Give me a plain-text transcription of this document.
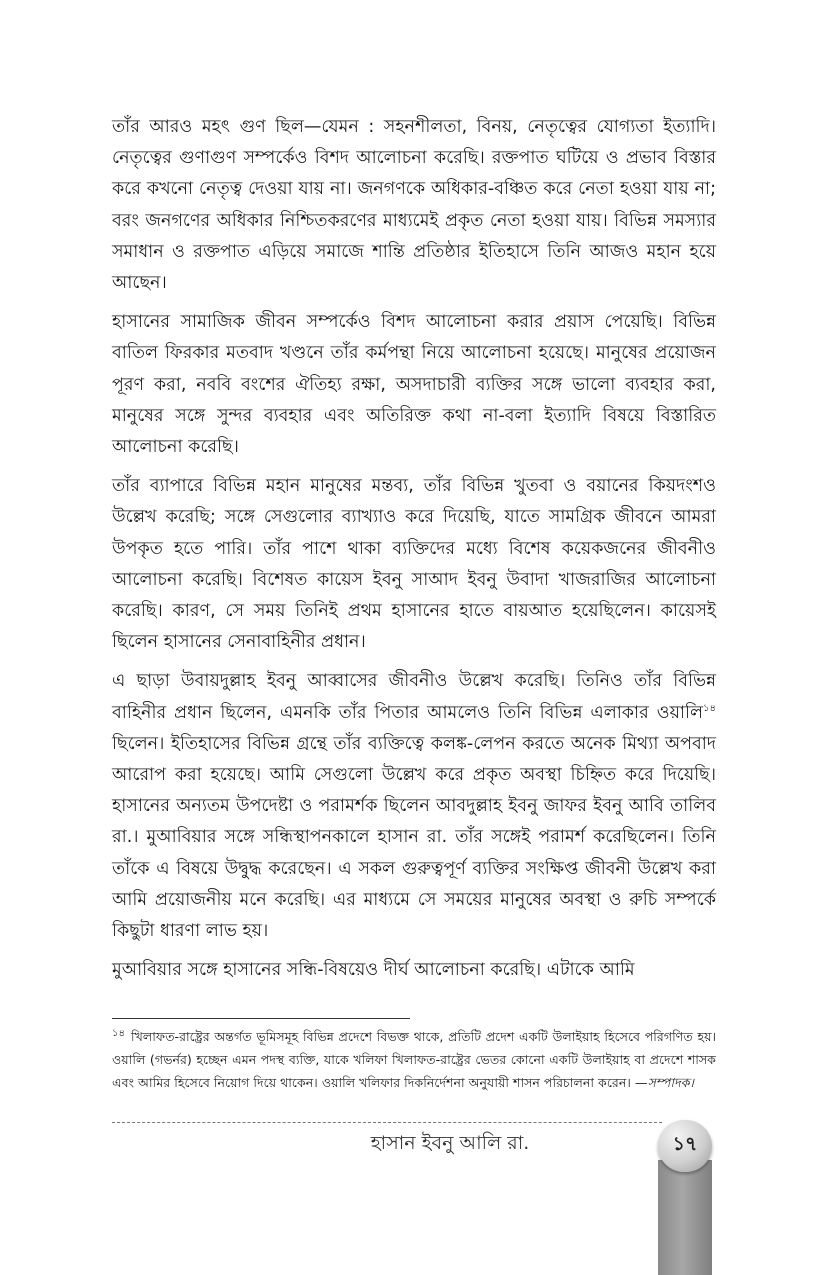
তাঁর আরও মহৎ গুণ ছিল—যেমন : সহনশীলতা, বিনয়, নেতৃত্বের যোগ্যতা ইত্যাদি। নেতৃত্বের গুণাগুণ সম্পর্কেও বিশদ আলোচনা করেছি। রক্তপাত ঘটিয়ে ও প্রভাব বিস্তার করে কখনো নেতৃত্ব দেওয়া যায় না। জনগণকে অধিকার-বঞ্চিত করে নেতা হওয়া যায় না; বরং জনগণের অধিকার নিশ্চিতকরণের মাধ্যমেই প্রকৃত নেতা হওয়া যায়। বিভিন্ন সমস্যার সমাধান ও রক্তপাত এড়িয়ে সমাজে শান্তি প্রতিষ্ঠার ইতিহাসে তিনি আজও মহান হয়ে আছেন।

হাসানের সামাজিক জীবন সম্পর্কেও বিশদ আলোচনা করার প্রয়াস পেয়েছি। বিভিন্ন বাতিল ফিরকার মতবাদ খণ্ডনে তাঁর কর্মপন্থা নিয়ে আলোচনা হয়েছে। মানুষের প্রয়োজন পূরণ করা, নববি বংশের ঐতিহ্য রক্ষা, অসদাচারী ব্যক্তির সঙ্গে ভালো ব্যবহার করা, মানুষের সঙ্গে সুন্দর ব্যবহার এবং অতিরিক্ত কথা না-বলা ইত্যাদি বিষয়ে বিস্তারিত আলোচনা করেছি।

তাঁর ব্যাপারে বিভিন্ন মহান মানুষের মন্তব্য, তাঁর বিভিন্ন খুতবা ও বয়ানের কিয়দংশও উল্লেখ করেছি; সঙ্গে সেগুলোর ব্যাখ্যাও করে দিয়েছি, যাতে সামগ্রিক জীবনে আমরা উপকৃত হতে পারি। তাঁর পাশে থাকা ব্যক্তিদের মধ্যে বিশেষ কয়েকজনের জীবনীও আলোচনা করেছি। বিশেষত কায়েস ইবনু সাআদ ইবনু উবাদা খাজরাজির আলোচনা করেছি। কারণ, সে সময় তিনিই প্রথম হাসানের হাতে বায়আত হয়েছিলেন। কায়েসই ছিলেন হাসানের সেনাবাহিনীর প্রধান।

এ ছাড়া উবায়দুল্লাহ ইবনু আব্বাসের জীবনীও উল্লেখ করেছি। তিনিও তাঁর বিভিন্ন বাহিনীর প্রধান ছিলেন, এমনকি তাঁর পিতার আমলেও তিনি বিভিন্ন এলাকার ওয়ালি$^{১৪}$ ছিলেন। ইতিহাসের বিভিন্ন গ্রন্থে তাঁর ব্যক্তিত্বে কলঙ্ক-লেপন করতে অনেক মিথ্যা অপবাদ আরোপ করা হয়েছে। আমি সেগুলো উল্লেখ করে প্রকৃত অবস্থা চিহ্নিত করে দিয়েছি। হাসানের অন্যতম উপদেষ্টা ও পরামর্শক ছিলেন আবদুল্লাহ ইবনু জাফর ইবনু আবি তালিব রা.। মুআবিয়ার সঙ্গে সন্ধিস্থাপনকালে হাসান রা. তাঁর সঙ্গেই পরামর্শ করেছিলেন। তিনি তাঁকে এ বিষয়ে উদ্বুদ্ধ করেছেন। এ সকল গুরুত্বপূর্ণ ব্যক্তির সংক্ষিপ্ত জীবনী উল্লেখ করা আমি প্রয়োজনীয় মনে করেছি। এর মাধ্যমে সে সময়ের মানুষের অবস্থা ও রুচি সম্পর্কে কিছুটা ধারণা লাভ হয়।

মুআবিয়ার সঙ্গে হাসানের সন্ধি-বিষয়েও দীর্ঘ আলোচনা করেছি। এটাকে আমি

$^{১৪}$ খিলাফত-রাষ্ট্রের অন্তর্গত ভূমিসমূহ বিভিন্ন প্রদেশে বিভক্ত থাকে, প্রতিটি প্রদেশ একটি উলাইয়াহ হিসেবে পরিগণিত হয়। ওয়ালি (গভর্নর) হচ্ছেন এমন পদস্থ ব্যক্তি, যাকে খলিফা খিলাফত-রাষ্ট্রের ভেতর কোনো একটি উলাইয়াহ বা প্রদেশে শাসক এবং আমির হিসেবে নিয়োগ দিয়ে থাকেন। ওয়ালি খলিফার দিকনির্দেশনা অনুযায়ী শাসন পরিচালনা করেন। —সম্পাদক।
হাসান ইবনু আলি রা.	১৭
